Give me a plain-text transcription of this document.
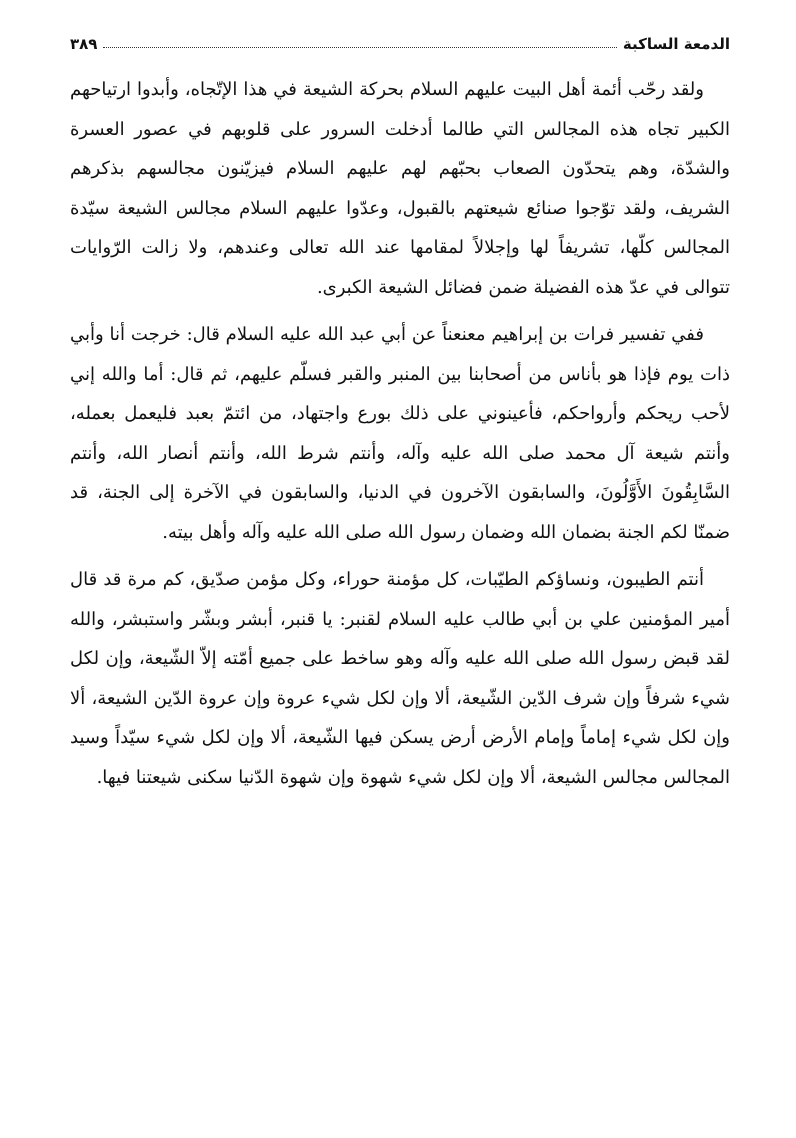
الدمعة الساكبة
٣٨٩

ولقد رحّب أئمة أهل البيت عليهم السلام بحركة الشيعة في هذا الإتّجاه، وأبدوا ارتياحهم الكبير تجاه هذه المجالس التي طالما أدخلت السرور على قلوبهم في عصور العسرة والشدّة، وهم يتحدّون الصعاب بحبّهم لهم عليهم السلام فيزيّنون مجالسهم بذكرهم الشريف، ولقد توّجوا صنائع شيعتهم بالقبول، وعدّوا عليهم السلام مجالس الشيعة سيّدة المجالس كلّها، تشريفاً لها وإجلالاً لمقامها عند الله تعالى وعندهم، ولا زالت الرّوايات تتوالى في عدّ هذه الفضيلة ضمن فضائل الشيعة الكبرى.

ففي تفسير فرات بن إبراهيم معنعناً عن أبي عبد الله عليه السلام قال: خرجت أنا وأبي ذات يوم فإذا هو بأناس من أصحابنا بين المنبر والقبر فسلّم عليهم، ثم قال: أما والله إني لأحب ريحكم وأرواحكم، فأعينوني على ذلك بورع واجتهاد، من ائتمّ بعبد فليعمل بعمله، وأنتم شيعة آل محمد صلى الله عليه وآله، وأنتم شرط الله، وأنتم أنصار الله، وأنتم السَّابِقُونَ الأَوَّلُونَ، والسابقون الآخرون في الدنيا، والسابقون في الآخرة إلى الجنة، قد ضمنّا لكم الجنة بضمان الله وضمان رسول الله صلى الله عليه وآله وأهل بيته.

أنتم الطيبون، ونساؤكم الطيّبات، كل مؤمنة حوراء، وكل مؤمن صدّيق، كم مرة قد قال أمير المؤمنين علي بن أبي طالب عليه السلام لقنبر: يا قنبر، أبشر وبشّر واستبشر، والله لقد قبض رسول الله صلى الله عليه وآله وهو ساخط على جميع أمّته إلاّ الشّيعة، وإن لكل شيء شرفاً وإن شرف الدّين الشّيعة، ألا وإن لكل شيء عروة وإن عروة الدّين الشيعة، ألا وإن لكل شيء إماماً وإمام الأرض أرض يسكن فيها الشّيعة، ألا وإن لكل شيء سيّداً وسيد المجالس مجالس الشيعة، ألا وإن لكل شيء شهوة وإن شهوة الدّنيا سكنى شيعتنا فيها.
